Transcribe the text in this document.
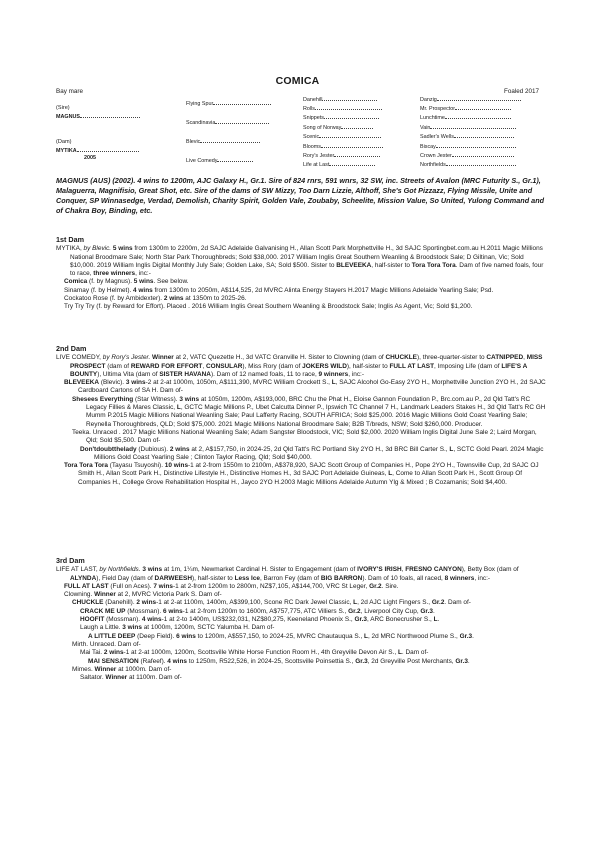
COMICA
Bay mare	Foaled 2017
(Sire)
MAGNUS
(Dam)
MYTIKA
2005
Flying Spur
Scandinavia
Blevic
Live Comedy
Danehill
Rolls
Snippets
Song of Norway
Scenic
Blooms
Rory's Jester
Life at Last
Danzig
Mr. Prospector
Lunchtime
Vain
Sadler's Wells
Biscay
Crown Jester
Northfields
MAGNUS (AUS) (2002). 4 wins to 1200m, AJC Galaxy H., Gr.1. Sire of 824 rnrs, 591 wnrs, 32 SW, inc. Streets of Avalon (MRC Futurity S., Gr.1), Malaguerra, Magnifisio, Great Shot, etc. Sire of the dams of SW Mizzy, Too Darn Lizzie, Althoff, She's Got Pizzazz, Flying Missile, Unite and Conquer, SP Winnasedge, Verdad, Demolish, Charity Spirit, Golden Vale, Zoubaby, Scheelite, Mission Value, So United, Yulong Command and of Chakra Boy, Binding, etc.
1st Dam

MYTIKA, by Blevic. 5 wins from 1300m to 2200m, 2d SAJC Adelaide Galvanising H., Allan Scott Park Morphettville H., 3d SAJC Sportingbet.com.au H.2011 Magic Millions National Broodmare Sale; North Star Park Thoroughbreds; Sold $38,000. 2017 William Inglis Great Southern Weanling & Broodstock Sale; D Giltinan, Vic; Sold $10,000. 2019 William Inglis Digital Monthly July Sale; Golden Lake, SA; Sold $500. Sister to BLEVEEKA, half-sister to Tora Tora Tora. Dam of five named foals, four to race, three winners, inc:-

Comica (f. by Magnus). 5 wins. See below.

Sinamay (f. by Helmet). 4 wins from 1300m to 2050m, A$114,525, 2d MVRC Alinta Energy Stayers H.2017 Magic Millions Adelaide Yearling Sale; Psd.

Cockatoo Rose (f. by Ambidexter). 2 wins at 1350m to 2025-26.

Try Try Try (f. by Reward for Effort). Placed . 2016 William Inglis Great Southern Weanling & Broodstock Sale; Inglis As Agent, Vic; Sold $1,200.

2nd Dam

LIVE COMEDY, by Rory's Jester. Winner at 2, VATC Quezette H., 3d VATC Granville H. Sister to Clowning (dam of CHUCKLE), three-quarter-sister to CATNIPPED, MISS PROSPECT (dam of REWARD FOR EFFORT, CONSULAR), Miss Rory (dam of JOKERS WILD), half-sister to FULL AT LAST, Imposing Life (dam of LIFE'S A BOUNTY), Ultima Vita (dam of SISTER HAVANA). Dam of 12 named foals, 11 to race, 9 winners, inc:-

BLEVEEKA (Blevic). 3 wins-2 at 2-at 1000m, 1050m, A$111,390, MVRC William Crockett S., L, SAJC Alcohol Go-Easy 2YO H., Morphettville Junction 2YO H., 2d SAJC Cardboard Cartons of SA H. Dam of-

Shesees Everything (Star Witness). 3 wins at 1050m, 1200m, A$193,000, BRC Chu the Phat H., Eloise Gannon Foundation P., Brc.com.au P., 2d Qld Tatt's RC Legacy Fillies & Mares Classic, L, GCTC Magic Millions P., Ubet Calcutta Dinner P., Ipswich TC Channel 7 H., Landmark Leaders Stakes H., 3d Qld Tatt's RC GH Mumm P.2015 Magic Millions National Weanling Sale; Paul Lafferty Racing, SOUTH AFRICA; Sold $25,000. 2016 Magic Millions Gold Coast Yearling Sale; Reynella Thoroughbreds, QLD; Sold $75,000. 2021 Magic Millions National Broodmare Sale; B2B T/breds, NSW; Sold $260,000. Producer.

Teeka. Unraced . 2017 Magic Millions National Weanling Sale; Adam Sangster Bloodstock, VIC; Sold $2,000. 2020 William Inglis Digital June Sale 2; Laird Morgan, Qld; Sold $5,500. Dam of-

Don'tdoubtthelady (Dubious). 2 wins at 2, A$157,750, in 2024-25, 2d Qld Tatt's RC Portland Sky 2YO H., 3d BRC Bill Carter S., L, SCTC Gold Pearl. 2024 Magic Millions Gold Coast Yearling Sale ; Clinton Taylor Racing, Qld; Sold $40,000.

Tora Tora Tora (Tayasu Tsuyoshi). 10 wins-1 at 2-from 1550m to 2100m, A$378,920, SAJC Scott Group of Companies H., Pope 2YO H., Townsville Cup, 2d SAJC OJ Smith H., Allan Scott Park H., Distinctive Lifestyle H., Distinctive Homes H., 3d SAJC Port Adelaide Guineas, L, Come to Allan Scott Park H., Scott Group Of Companies H., College Grove Rehabilitation Hospital H., Jayco 2YO H.2003 Magic Millions Adelaide Autumn Ylg & Mixed ; B Cozamanis; Sold $4,400.

3rd Dam

LIFE AT LAST, by Northfields. 3 wins at 1m, 1¼m, Newmarket Cardinal H. Sister to Engagement (dam of IVORY'S IRISH, FRESNO CANYON), Betty Box (dam of ALYNDA), Field Day (dam of DARWEESH), half-sister to Less Ice, Barron Fey (dam of BIG BARRON). Dam of 10 foals, all raced, 8 winners, inc:-

FULL AT LAST (Full on Aces). 7 wins-1 at 2-from 1200m to 2800m, NZ$7,105, A$144,700, VRC St Leger, Gr.2. Sire.

Clowning. Winner at 2, MVRC Victoria Park S. Dam of-

CHUCKLE (Danehill). 2 wins-1 at 2-at 1100m, 1400m, A$399,100, Scone RC Dark Jewel Classic, L, 2d AJC Light Fingers S., Gr.2. Dam of-

CRACK ME UP (Mossman). 6 wins-1 at 2-from 1200m to 1600m, A$757,775, ATC Villiers S., Gr.2, Liverpool City Cup, Gr.3.

HOOFIT (Mossman). 4 wins-1 at 2-to 1400m, US$232,031, NZ$80,275, Keeneland Phoenix S., Gr.3, ARC Bonecrusher S., L.

Laugh a Little. 3 wins at 1000m, 1200m, SCTC Yalumba H. Dam of-

A LITTLE DEEP (Deep Field). 6 wins to 1200m, A$557,150, to 2024-25, MVRC Chautauqua S., L, 2d MRC Northwood Plume S., Gr.3.

Mirth. Unraced. Dam of-

Mai Tai. 2 wins-1 at 2-at 1000m, 1200m, Scottsville White Horse Function Room H., 4th Greyville Devon Air S., L. Dam of-

MAI SENSATION (Rafeef). 4 wins to 1250m, R522,526, in 2024-25, Scottsville Poinsettia S., Gr.3, 2d Greyville Post Merchants, Gr.3.

Mimes. Winner at 1000m. Dam of-

Saltator. Winner at 1100m. Dam of-
